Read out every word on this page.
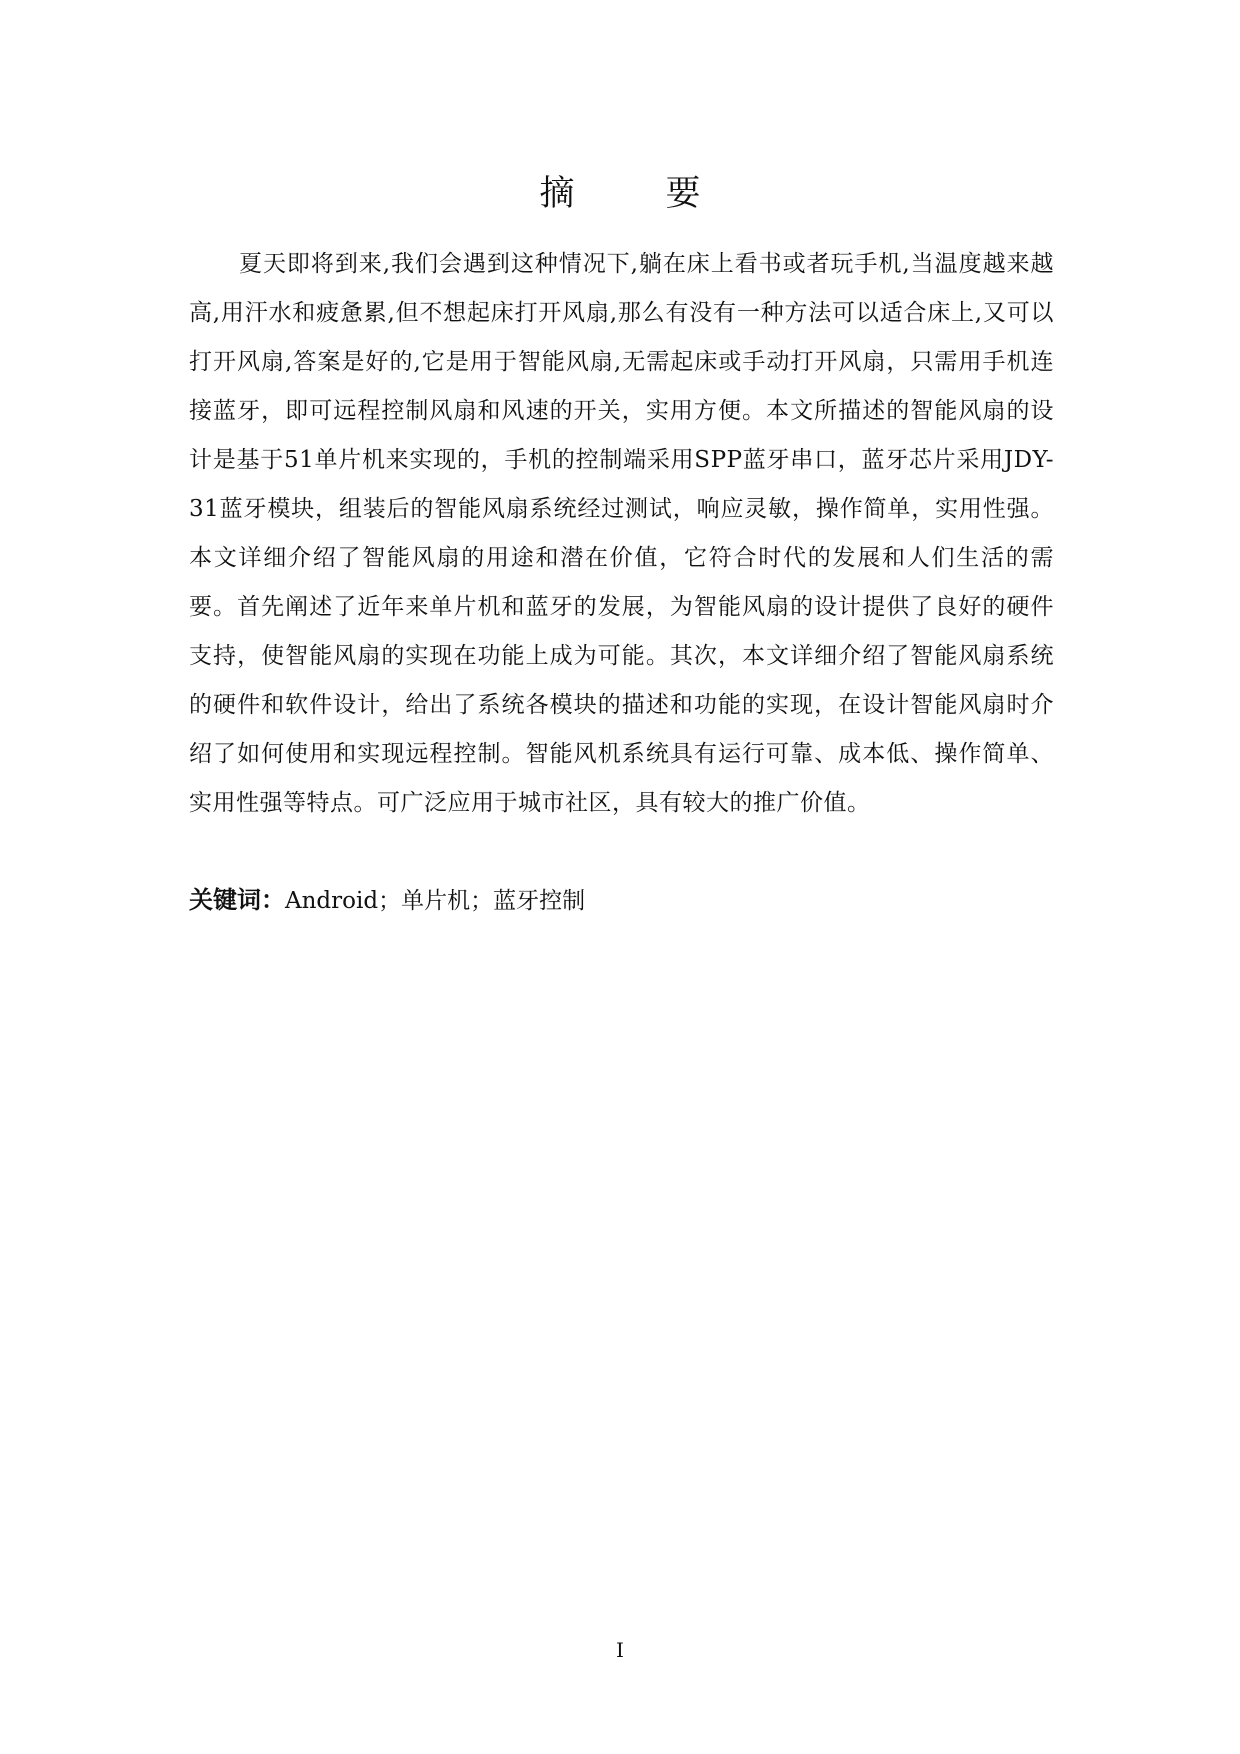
摘　要

夏天即将到来,我们会遇到这种情况下,躺在床上看书或者玩手机,当温度越来越高,用汗水和疲惫累,但不想起床打开风扇,那么有没有一种方法可以适合床上,又可以打开风扇,答案是好的,它是用于智能风扇,无需起床或手动打开风扇，只需用手机连接蓝牙，即可远程控制风扇和风速的开关，实用方便。本文所描述的智能风扇的设计是基于51单片机来实现的，手机的控制端采用SPP蓝牙串口，蓝牙芯片采用JDY-31蓝牙模块，组装后的智能风扇系统经过测试，响应灵敏，操作简单，实用性强。本文详细介绍了智能风扇的用途和潜在价值，它符合时代的发展和人们生活的需要。首先阐述了近年来单片机和蓝牙的发展，为智能风扇的设计提供了良好的硬件支持，使智能风扇的实现在功能上成为可能。其次，本文详细介绍了智能风扇系统的硬件和软件设计，给出了系统各模块的描述和功能的实现，在设计智能风扇时介绍了如何使用和实现远程控制。智能风机系统具有运行可靠、成本低、操作简单、实用性强等特点。可广泛应用于城市社区，具有较大的推广价值。

关键词：Android；单片机；蓝牙控制

I
